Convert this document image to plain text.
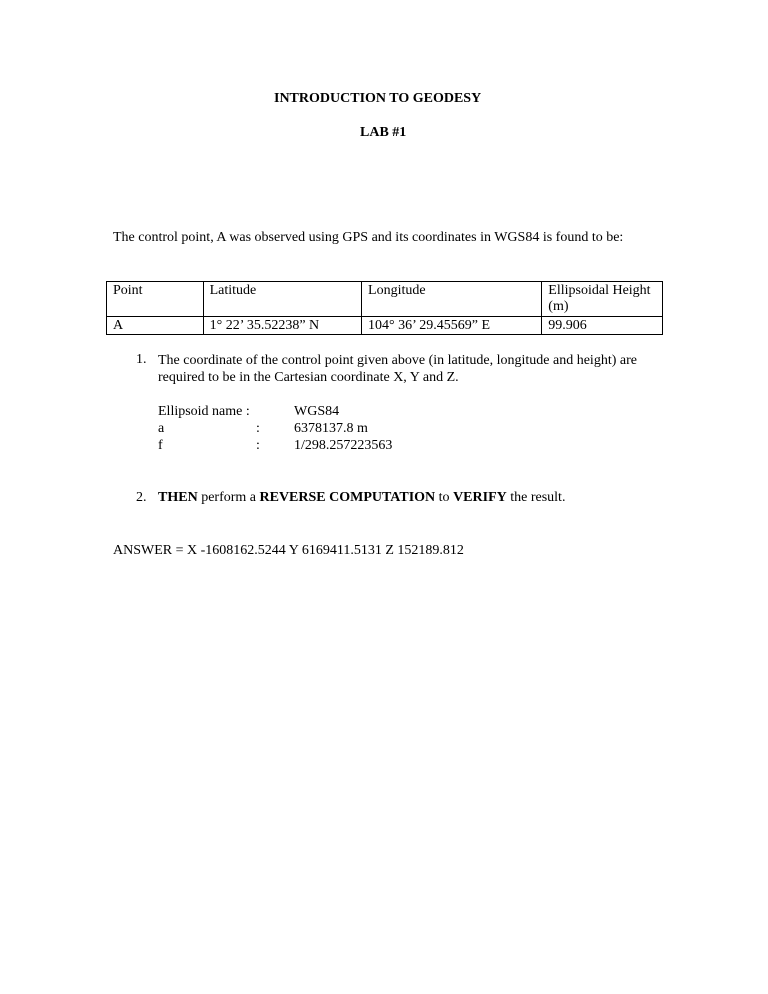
INTRODUCTION TO GEODESY
LAB #1
The control point, A was observed using GPS and its coordinates in WGS84 is found to be:
Point	Latitude	Longitude	Ellipsoidal Height (m)
A	1° 22’ 35.52238” N	104° 36’ 29.45569” E	99.906
1. The coordinate of the control point given above (in latitude, longitude and height) are required to be in the Cartesian coordinate X, Y and Z.
Ellipsoid name :	WGS84
a	: 6378137.8 m
f	: 1/298.257223563
2. THEN perform a REVERSE COMPUTATION to VERIFY the result.
ANSWER = X -1608162.5244 Y 6169411.5131 Z 152189.812
